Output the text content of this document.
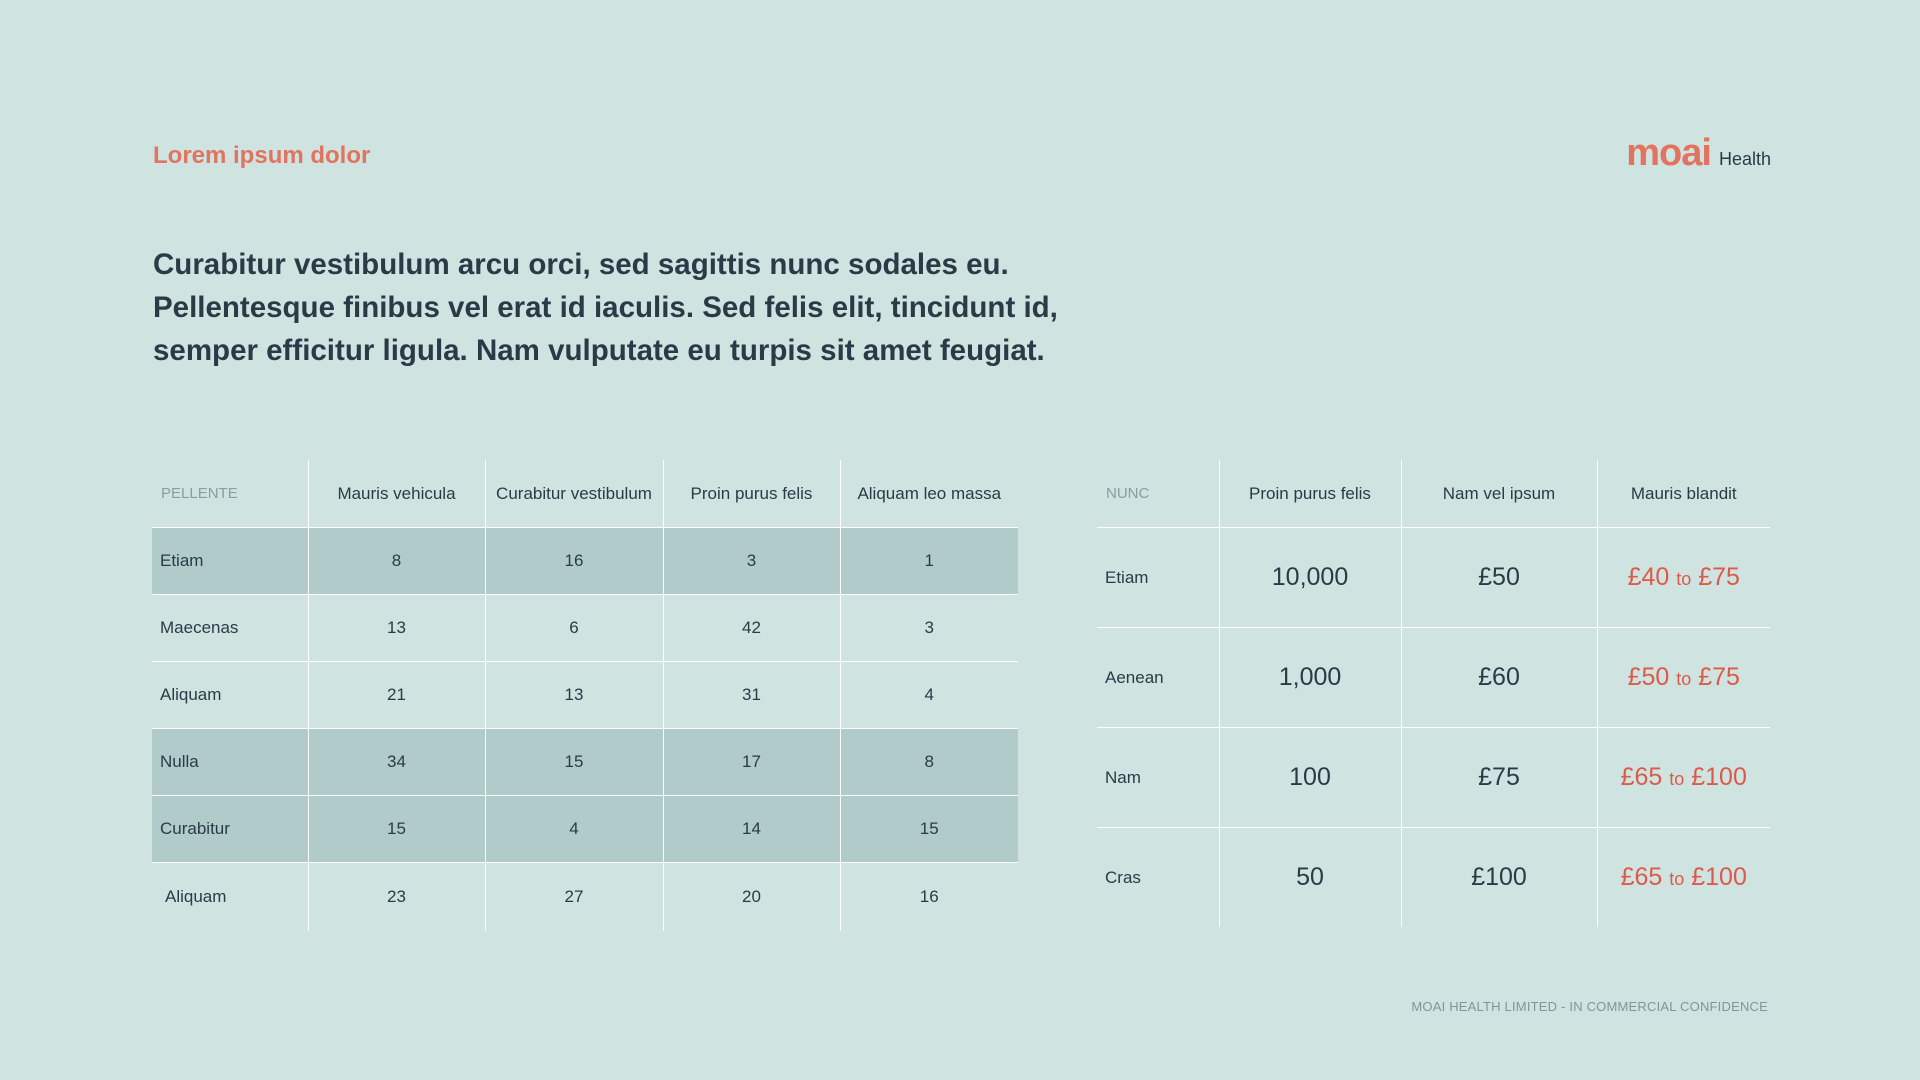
Lorem ipsum dolor	moai Health

Curabitur vestibulum arcu orci, sed sagittis nunc sodales eu. Pellentesque finibus vel erat id iaculis. Sed felis elit, tincidunt id, semper efficitur ligula. Nam vulputate eu turpis sit amet feugiat.

PELLENTE	Mauris vehicula	Curabitur vestibulum	Proin purus felis	Aliquam leo massa
Etiam	8	16	3	1
Maecenas	13	6	42	3
Aliquam	21	13	31	4
Nulla	34	15	17	8
Curabitur	15	4	14	15
Aliquam	23	27	20	16
NUNC	Proin purus felis	Nam vel ipsum	Mauris blandit
Etiam	10,000	£50	£40 to £75
Aenean	1,000	£60	£50 to £75
Nam	100	£75	£65 to £100
Cras	50	£100	£65 to £100
MOAI HEALTH LIMITED - IN COMMERCIAL CONFIDENCE
